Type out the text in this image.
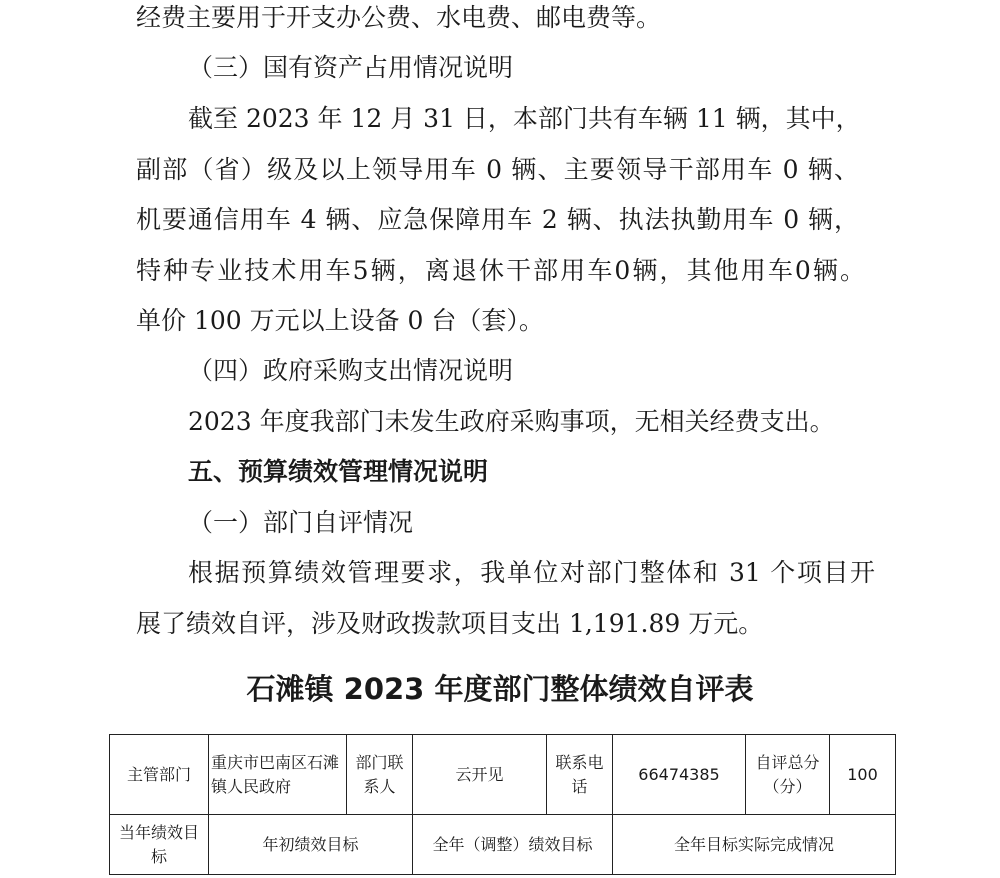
经费主要用于开支办公费、水电费、邮电费等。
（三）国有资产占用情况说明
截至 2023 年 12 月 31 日，本部门共有车辆 11 辆，其中，
副部（省）级及以上领导用车 0 辆、主要领导干部用车 0 辆、
机要通信用车 4 辆、应急保障用车 2 辆、执法执勤用车 0 辆，
特种专业技术用车5辆，离退休干部用车0辆，其他用车0辆。
单价 100 万元以上设备 0 台（套）。
（四）政府采购支出情况说明
2023 年度我部门未发生政府采购事项，无相关经费支出。
五、预算绩效管理情况说明
（一）部门自评情况
根据预算绩效管理要求，我单位对部门整体和 31 个项目开
展了绩效自评，涉及财政拨款项目支出 1,191.89 万元。
石滩镇 2023 年度部门整体绩效自评表
主管部门	重庆市巴南区石滩镇人民政府	部门联系人	云开见	联系电话	66474385	自评总分（分）	100
当年绩效目标	年初绩效目标		全年（调整）绩效目标		全年目标实际完成情况		
